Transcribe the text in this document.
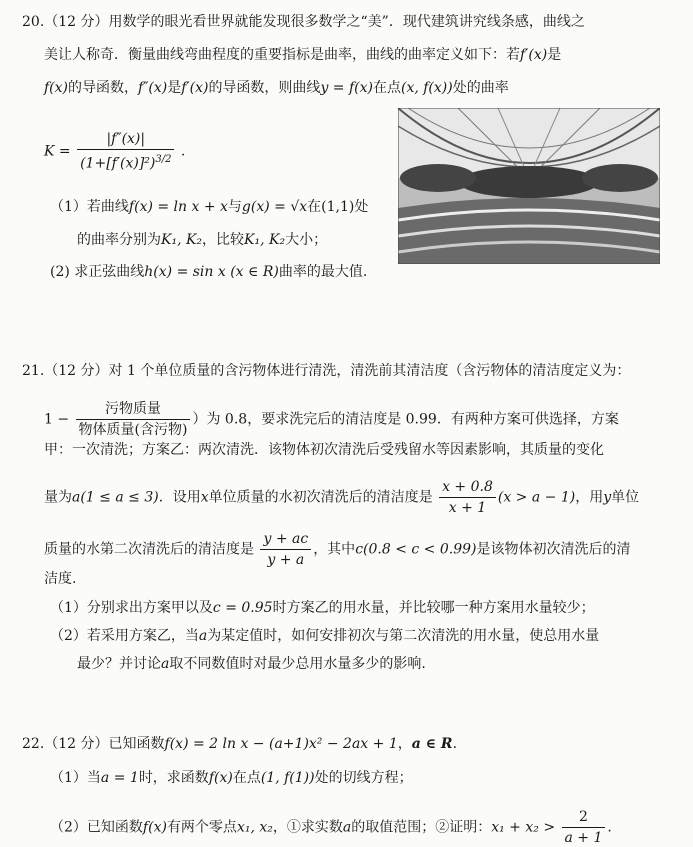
20.（12 分）用数学的眼光看世界就能发现很多数学之“美”．现代建筑讲究线条感，曲线之
美让人称奇．衡量曲线弯曲程度的重要指标是曲率，曲线的曲率定义如下：若f′(x)是
f(x)的导函数，f″(x)是f′(x)的导函数，则曲线y = f(x)在点(x, f(x))处的曲率
$K = \frac{|f''(x)|}{(1+[f'(x)]^2)^{3/2}}$ .
（1）若曲线f(x) = ln x + x与g(x) = √x在(1,1)处
的曲率分别为K₁, K₂，比较K₁, K₂大小；
(2) 求正弦曲线h(x) = sin x (x ∈ R)曲率的最大值.
21.（12 分）对 1 个单位质量的含污物体进行清洗，清洗前其清洁度（含污物体的清洁度定义为：
$1 - \frac{\text{污物质量}}{\text{物体质量(含污物)}}$ ）为 0.8，要求洗完后的清洁度是 0.99．有两种方案可供选择，方案
甲：一次清洗；方案乙：两次清洗．该物体初次清洗后受残留水等因素影响，其质量的变化
量为a(1 ≤ a ≤ 3)．设用x单位质量的水初次清洗后的清洁度是 $\frac{x + 0.8}{x + 1} (x > a - 1)$，用y单位
质量的水第二次清洗后的清洁度是 $\frac{y + ac}{y + a}$ ，其中c(0.8 < c < 0.99)是该物体初次清洗后的清
洁度.
（1）分别求出方案甲以及c = 0.95时方案乙的用水量，并比较哪一种方案用水量较少；
（2）若采用方案乙，当a为某定值时，如何安排初次与第二次清洗的用水量，使总用水量
最少？并讨论a取不同数值时对最少总用水量多少的影响.
22.（12 分）已知函数f(x) = 2 ln x − (a+1)x² − 2ax + 1，a ∈ R.
（1）当a = 1时，求函数f(x)在点(1, f(1))处的切线方程；
（2）已知函数f(x)有两个零点x₁, x₂，①求实数a的取值范围；②证明：$x_1 + x_2 > \frac{2}{a + 1}$ .
